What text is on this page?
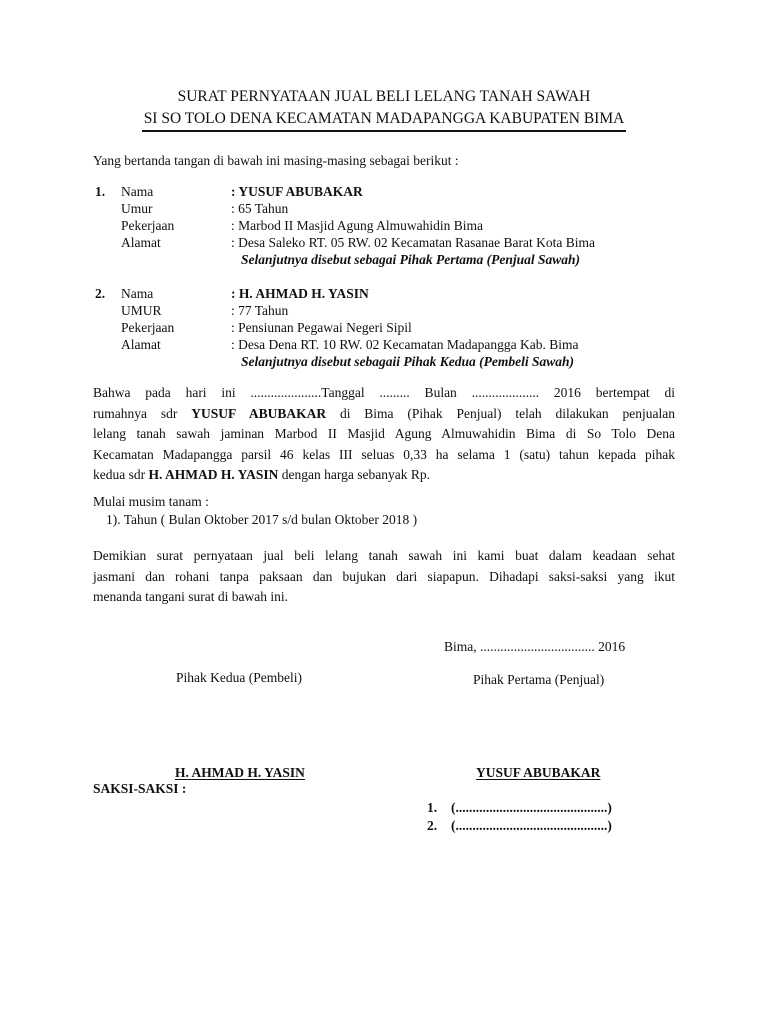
SURAT PERNYATAAN JUAL BELI LELANG TANAH SAWAH
SI SO TOLO DENA KECAMATAN MADAPANGGA KABUPATEN BIMA
Yang bertanda tangan di bawah ini masing-masing sebagai berikut :
1. Nama	: YUSUF ABUBAKAR
Umur	: 65 Tahun
Pekerjaan	: Marbod II Masjid Agung Almuwahidin Bima
Alamat	: Desa Saleko RT. 05 RW. 02 Kecamatan Rasanae Barat Kota Bima
Selanjutnya disebut sebagai Pihak Pertama (Penjual Sawah)
2. Nama	: H. AHMAD H. YASIN
UMUR	: 77 Tahun
Pekerjaan	: Pensiunan Pegawai Negeri Sipil
Alamat	: Desa Dena RT. 10 RW. 02 Kecamatan Madapangga Kab. Bima
Selanjutnya disebut sebagaii Pihak Kedua (Pembeli Sawah)
Bahwa pada hari ini .....................Tanggal ......... Bulan .................... 2016 bertempat di
rumahnya sdr YUSUF ABUBAKAR di Bima (Pihak Penjual) telah dilakukan penjualan
lelang tanah sawah jaminan Marbod II Masjid Agung Almuwahidin Bima di So Tolo Dena
Kecamatan Madapangga parsil 46 kelas III seluas 0,33 ha selama 1 (satu) tahun kepada pihak
kedua sdr H. AHMAD H. YASIN dengan harga sebanyak Rp.
Mulai musim tanam :
1). Tahun ( Bulan Oktober 2017 s/d bulan Oktober 2018 )
Demikian surat pernyataan jual beli lelang tanah sawah ini kami buat dalam keadaan sehat
jasmani dan rohani tanpa paksaan dan bujukan dari siapapun. Dihadapi saksi-saksi yang ikut
menanda tangani surat di bawah ini.
Bima, .................................. 2016
Pihak Kedua (Pembeli)	Pihak Pertama (Penjual)
H. AHMAD H. YASIN	YUSUF ABUBAKAR
SAKSI-SAKSI :
1. (.............................................)
2. (.............................................)
